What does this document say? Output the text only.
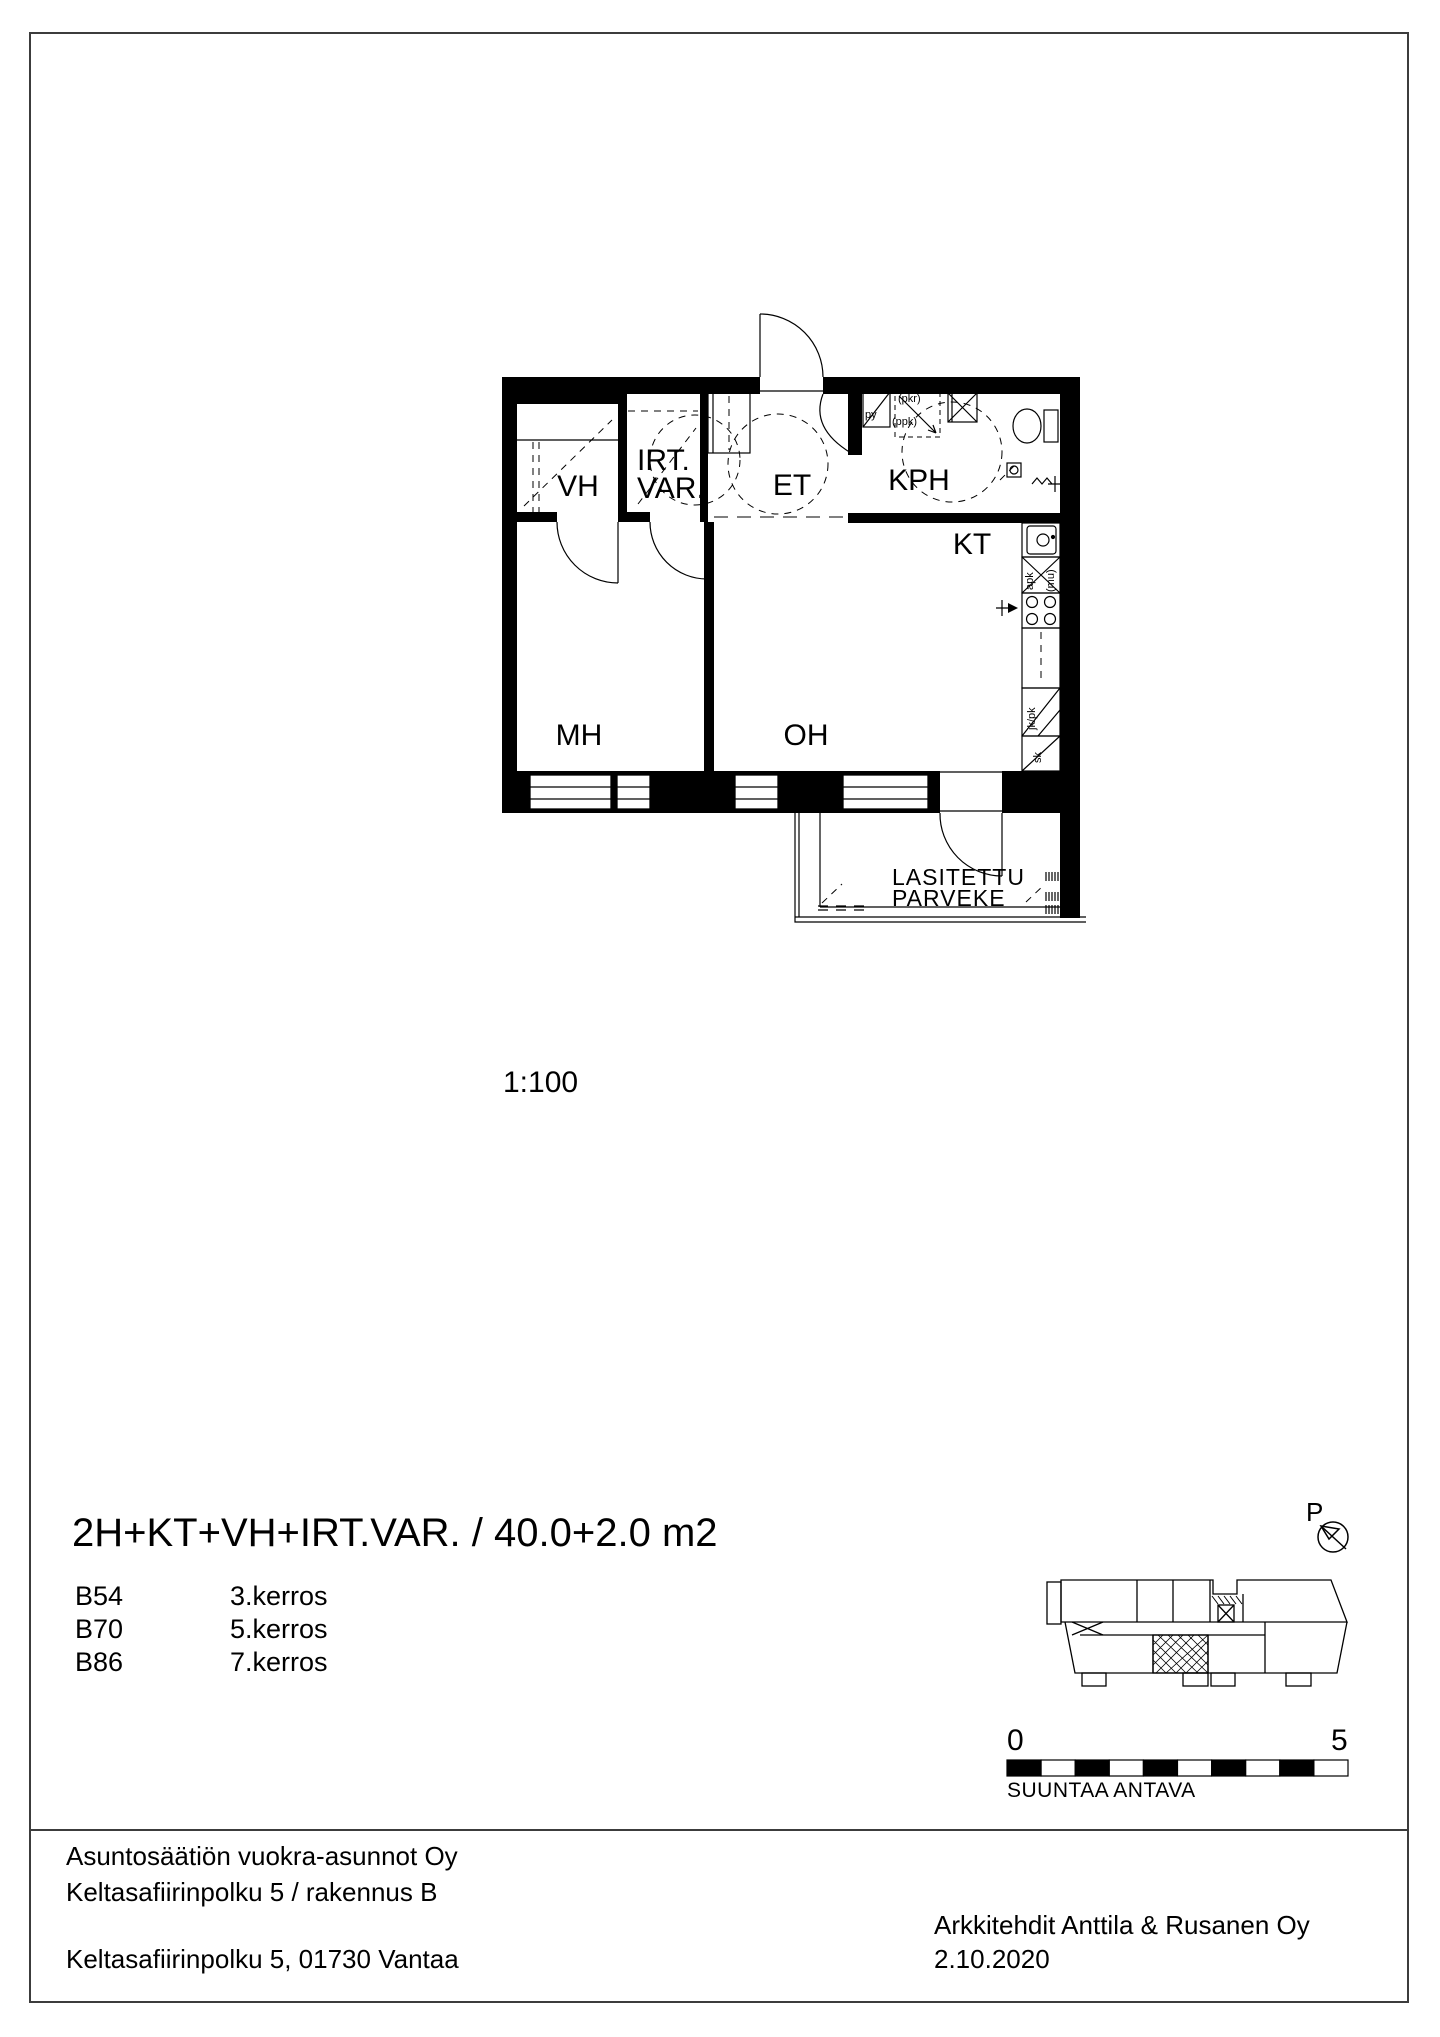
VH
IRT.
VAR. ET	KPH
KT
MH	OH
LASITETTU
PARVEKE
V P
py
(pkr)
(ppk)
apk (mu)
jk/pk
sk
1:100
2H+KT+VH+IRT.VAR. / 40.0+2.0 m2
B54	3.kerros
B70	5.kerros
B86	7.kerros
P
0	5
SUUNTAA ANTAVA
Asuntosäätiön vuokra-asunnot Oy
Keltasafiirinpolku 5 / rakennus B
Keltasafiirinpolku 5, 01730 Vantaa
Arkkitehdit Anttila & Rusanen Oy
2.10.2020
